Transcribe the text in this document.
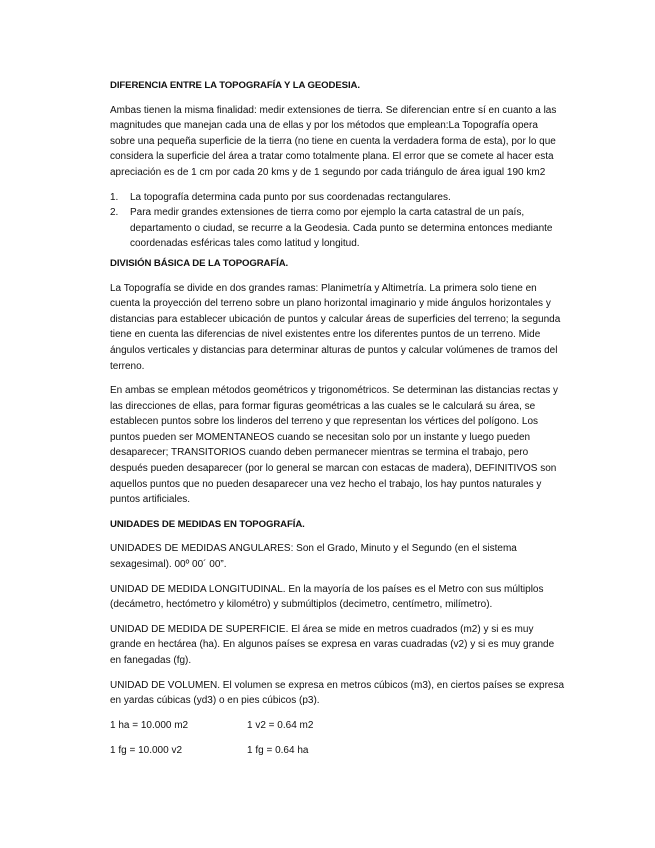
DIFERENCIA ENTRE LA TOPOGRAFÍA Y LA GEODESIA.
Ambas tienen la misma finalidad: medir extensiones de tierra. Se diferencian entre sí en cuanto a las magnitudes que manejan cada una de ellas y por los métodos que emplean:La Topografía opera sobre una pequeña superficie de la tierra (no tiene en cuenta la verdadera forma de esta), por lo que considera la superficie del área a tratar como totalmente plana. El error que se comete al hacer esta apreciación es de 1 cm por cada 20 kms y de 1 segundo por cada triángulo de área igual 190 km2
1.	La topografía determina cada punto por sus coordenadas rectangulares.
2.	Para medir grandes extensiones de tierra como por ejemplo la carta catastral de un país, departamento o ciudad, se recurre a la Geodesia. Cada punto se determina entonces mediante coordenadas esféricas tales como latitud y longitud.
DIVISIÓN BÁSICA DE LA TOPOGRAFÍA.
La Topografía se divide en dos grandes ramas: Planimetría y Altimetría. La primera solo tiene en cuenta la proyección del terreno sobre un plano horizontal imaginario y mide ángulos horizontales y distancias para establecer ubicación de puntos y calcular áreas de superficies del terreno; la segunda tiene en cuenta las diferencias de nivel existentes entre los diferentes puntos de un terreno. Mide ángulos verticales y distancias para determinar alturas de puntos y calcular volúmenes de tramos del terreno.
En ambas se emplean métodos geométricos y trigonométricos. Se determinan las distancias rectas y las direcciones de ellas, para formar figuras geométricas a las cuales se le calculará su área, se establecen puntos sobre los linderos del terreno y que representan los vértices del polígono. Los puntos pueden ser MOMENTANEOS cuando se necesitan solo por un instante y luego pueden desaparecer; TRANSITORIOS cuando deben permanecer mientras se termina el trabajo, pero después pueden desaparecer (por lo general se marcan con estacas de madera), DEFINITIVOS son aquellos puntos que no pueden desaparecer una vez hecho el trabajo, los hay puntos naturales y puntos artificiales.
UNIDADES DE MEDIDAS EN TOPOGRAFÍA.
UNIDADES DE MEDIDAS ANGULARES: Son el Grado, Minuto y el Segundo (en el sistema sexagesimal). 00º 00´ 00”.
UNIDAD DE MEDIDA LONGITUDINAL. En la mayoría de los países es el Metro con sus múltiplos (decámetro, hectómetro y kilométro) y submúltiplos (decimetro, centímetro, milímetro).
UNIDAD DE MEDIDA DE SUPERFICIE. El área se mide en metros cuadrados (m2) y si es muy grande en hectárea (ha). En algunos países se expresa en varas cuadradas (v2) y si es muy grande en fanegadas (fg).
UNIDAD DE VOLUMEN. El volumen se expresa en metros cúbicos (m3), en ciertos países se expresa en yardas cúbicas (yd3) o en pies cúbicos (p3).
1 ha = 10.000 m2	1 v2 = 0.64 m2
1 fg = 10.000 v2	1 fg = 0.64 ha
